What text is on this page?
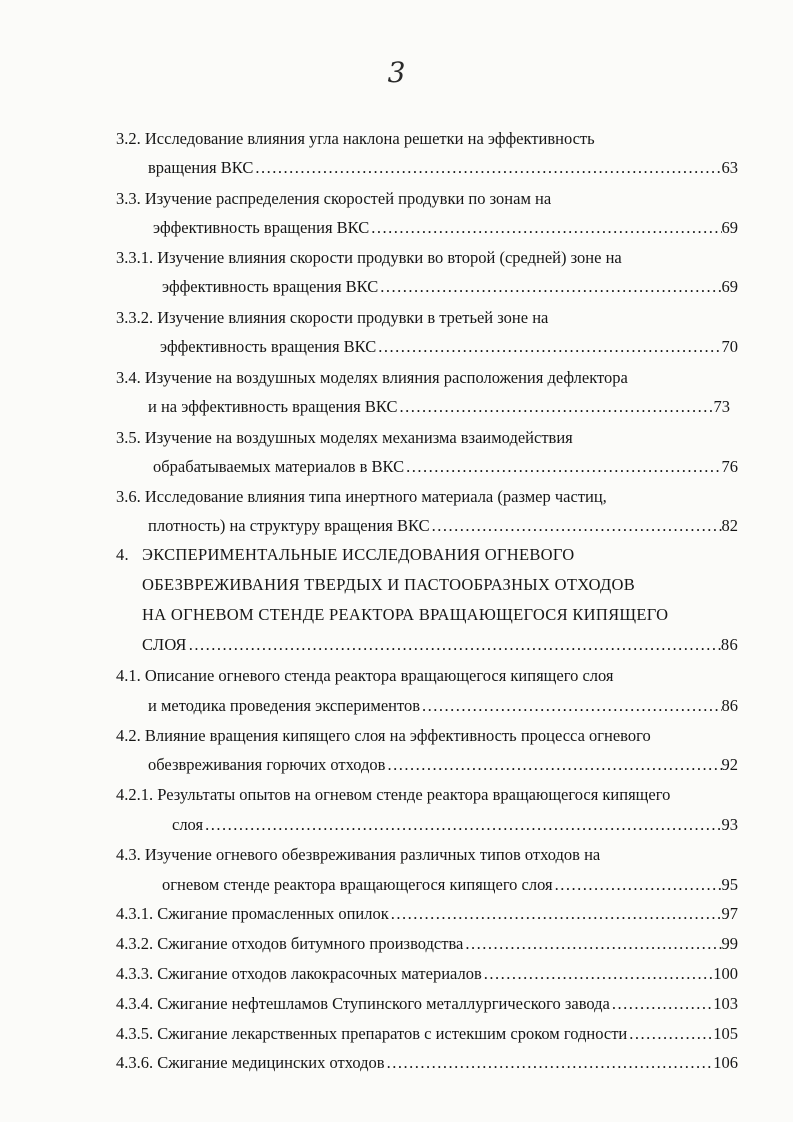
3
3.2. Исследование влияния угла наклона решетки на эффективность
вращения ВКС .....	63
3.3. Изучение распределения скоростей продувки по зонам на
эффективность вращения ВКС .....	69
3.3.1. Изучение влияния скорости продувки во второй (средней) зоне на
эффективность вращения ВКС .....	69
3.3.2. Изучение влияния скорости продувки в третьей зоне на
эффективность вращения ВКС .....	70
3.4. Изучение на воздушных моделях влияния расположения дефлектора
и на эффективность вращения ВКС .....	73
3.5. Изучение на воздушных моделях механизма взаимодействия
обрабатываемых материалов в ВКС .....	76
3.6. Исследование влияния типа инертного материала (размер частиц,
плотность) на структуру вращения ВКС .....	82
4. ЭКСПЕРИМЕНТАЛЬНЫЕ ИССЛЕДОВАНИЯ ОГНЕВОГО
ОБЕЗВРЕЖИВАНИЯ ТВЕРДЫХ И ПАСТООБРАЗНЫХ ОТХОДОВ
НА ОГНЕВОМ СТЕНДЕ РЕАКТОРА ВРАЩАЮЩЕГОСЯ КИПЯЩЕГО
СЛОЯ .....	86
4.1. Описание огневого стенда реактора вращающегося кипящего слоя
и методика проведения экспериментов .....	86
4.2. Влияние вращения кипящего слоя на эффективность процесса огневого
обезвреживания горючих отходов .....	92
4.2.1. Результаты опытов на огневом стенде реактора вращающегося кипящего
слоя .....	93
4.3. Изучение огневого обезвреживания различных типов отходов на
огневом стенде реактора вращающегося кипящего слоя .....	95
4.3.1. Сжигание промасленных опилок .....	97
4.3.2. Сжигание отходов битумного производства .....	99
4.3.3. Сжигание отходов лакокрасочных материалов .....	100
4.3.4. Сжигание нефтешламов Ступинского металлургического завода .....	103
4.3.5. Сжигание лекарственных препаратов с истекшим сроком годности .....	105
4.3.6. Сжигание медицинских отходов .....	106
